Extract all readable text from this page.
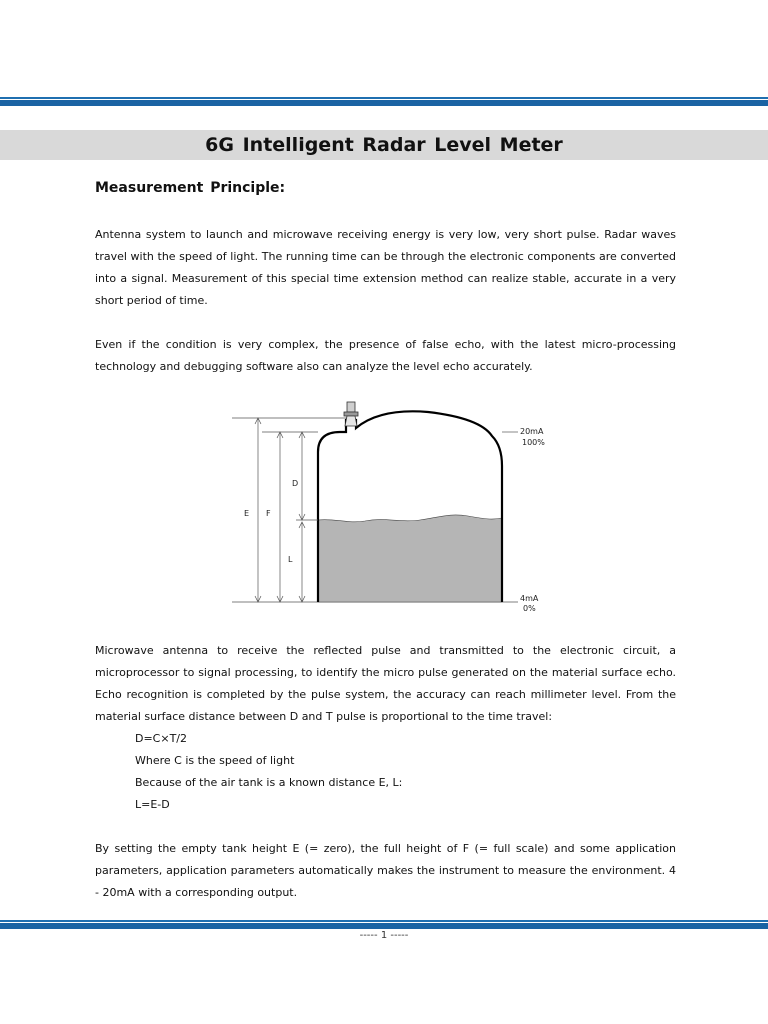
6G Intelligent Radar Level Meter
Measurement Principle:
Antenna system to launch and microwave receiving energy is very low, very short pulse. Radar waves travel with the speed of light. The running time can be through the electronic components are converted into a signal. Measurement of this special time extension method can realize stable, accurate in a very short period of time.
Even if the condition is very complex, the presence of false echo, with the latest micro-processing technology and debugging software also can analyze the level echo accurately.
D
E F
L
20mA
100%
4mA
0%
Microwave antenna to receive the reflected pulse and transmitted to the electronic circuit, a microprocessor to signal processing, to identify the micro pulse generated on the material surface echo. Echo recognition is completed by the pulse system, the accuracy can reach millimeter level. From the material surface distance between D and T pulse is proportional to the time travel:
D=C×T/2
Where C is the speed of light
Because of the air tank is a known distance E, L:
L=E-D
By setting the empty tank height E (= zero), the full height of F (= full scale) and some application parameters, application parameters automatically makes the instrument to measure the environment. 4 - 20mA with a corresponding output.
----- 1 -----
